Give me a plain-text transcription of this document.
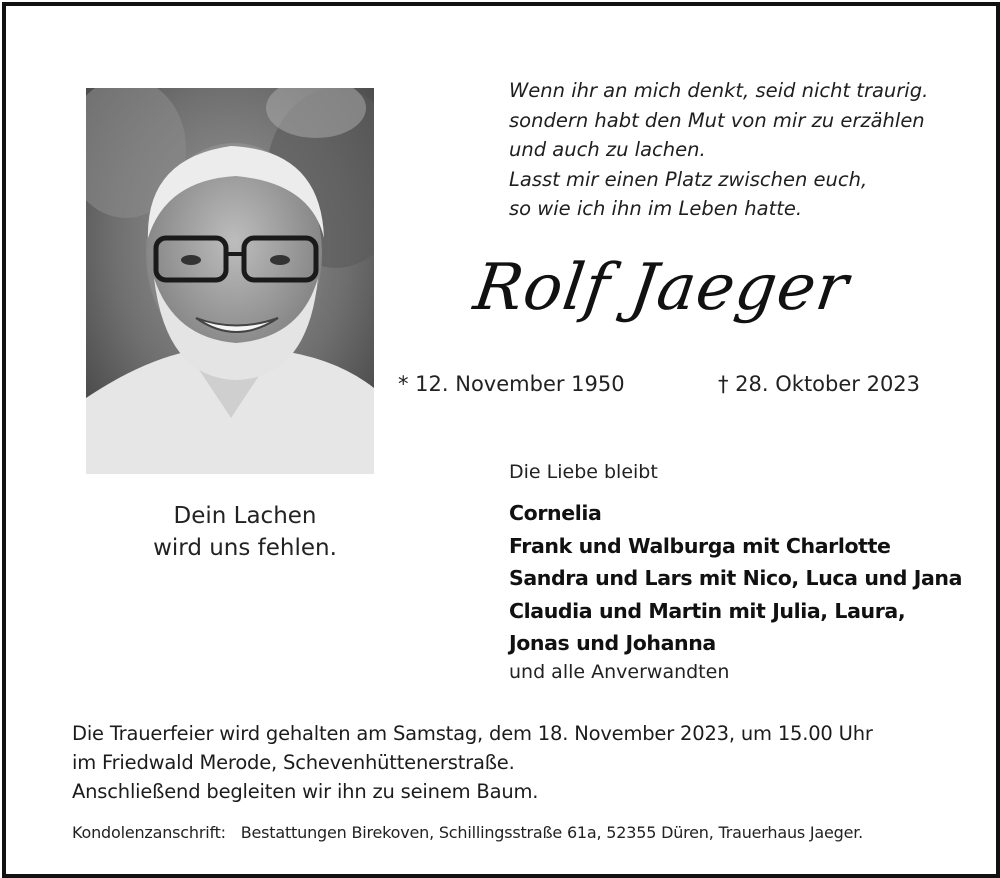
Dein Lachen
wird uns fehlen.
Wenn ihr an mich denkt, seid nicht traurig.
sondern habt den Mut von mir zu erzählen
und auch zu lachen.
Lasst mir einen Platz zwischen euch,
so wie ich ihn im Leben hatte.
Rolf Jaeger
* 12. November 1950	† 28. Oktober 2023
Die Liebe bleibt
Cornelia
Frank und Walburga mit Charlotte
Sandra und Lars mit Nico, Luca und Jana
Claudia und Martin mit Julia, Laura,
Jonas und Johanna
und alle Anverwandten
Die Trauerfeier wird gehalten am Samstag, dem 18. November 2023, um 15.00 Uhr
im Friedwald Merode, Schevenhüttenerstraße.
Anschließend begleiten wir ihn zu seinem Baum.
Kondolenzanschrift: Bestattungen Birekoven, Schillingsstraße 61a, 52355 Düren, Trauerhaus Jaeger.
